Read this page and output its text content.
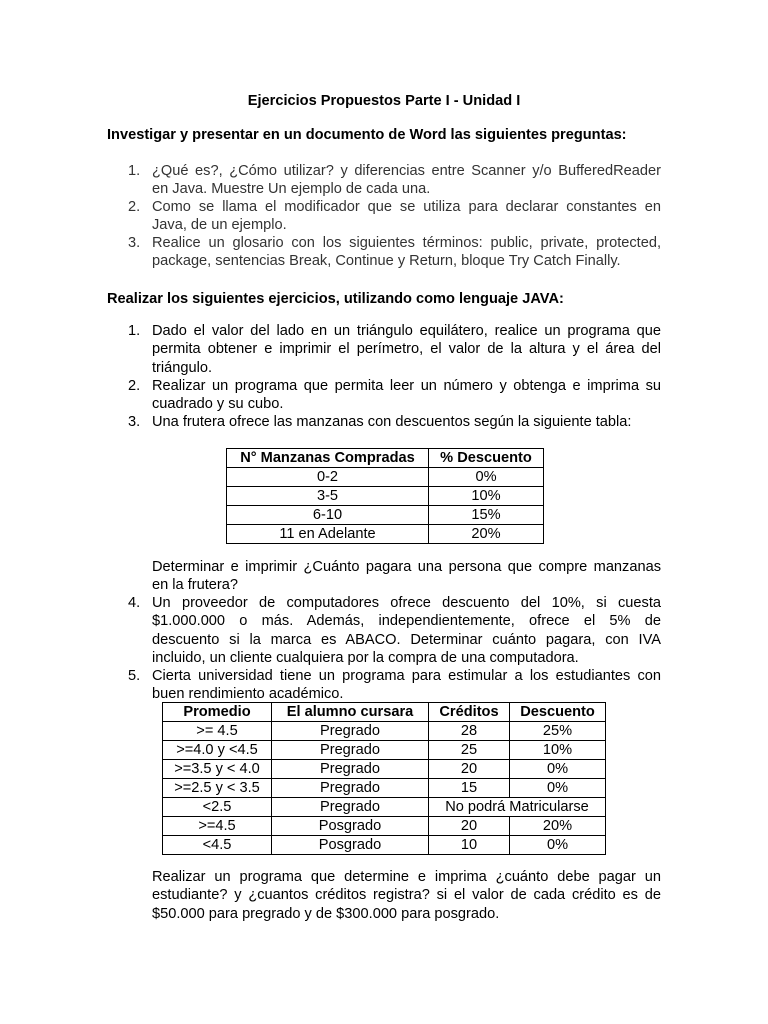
Ejercicios Propuestos Parte I - Unidad I
Investigar y presentar en un documento de Word las siguientes preguntas:
1. ¿Qué es?, ¿Cómo utilizar? y diferencias entre Scanner y/o BufferedReader
en Java. Muestre Un ejemplo de cada una.
2. Como se llama el modificador que se utiliza para declarar constantes en
Java, de un ejemplo.
3. Realice un glosario con los siguientes términos: public, private, protected,
package, sentencias Break, Continue y Return, bloque Try Catch Finally.
Realizar los siguientes ejercicios, utilizando como lenguaje JAVA:
1. Dado el valor del lado en un triángulo equilátero, realice un programa que
permita obtener e imprimir el perímetro, el valor de la altura y el área del
triángulo.
2. Realizar un programa que permita leer un número y obtenga e imprima su
cuadrado y su cubo.
3. Una frutera ofrece las manzanas con descuentos según la siguiente tabla:
N° Manzanas Compradas	% Descuento
0-2	0%
3-5	10%
6-10	15%
11 en Adelante	20%
Determinar e imprimir ¿Cuánto pagara una persona que compre manzanas
en la frutera?
4. Un proveedor de computadores ofrece descuento del 10%, si cuesta
$1.000.000 o más. Además, independientemente, ofrece el 5% de
descuento si la marca es ABACO. Determinar cuánto pagara, con IVA
incluido, un cliente cualquiera por la compra de una computadora.
5. Cierta universidad tiene un programa para estimular a los estudiantes con
buen rendimiento académico.
Promedio	El alumno cursara	Créditos	Descuento
>= 4.5	Pregrado	28	25%
>=4.0 y <4.5	Pregrado	25	10%
>=3.5 y < 4.0	Pregrado	20	0%
>=2.5 y < 3.5	Pregrado	15	0%
<2.5	Pregrado	No podrá Matricularse	
>=4.5	Posgrado	20	20%
<4.5	Posgrado	10	0%
Realizar un programa que determine e imprima ¿cuánto debe pagar un
estudiante? y ¿cuantos créditos registra? si el valor de cada crédito es de
$50.000 para pregrado y de $300.000 para posgrado.
